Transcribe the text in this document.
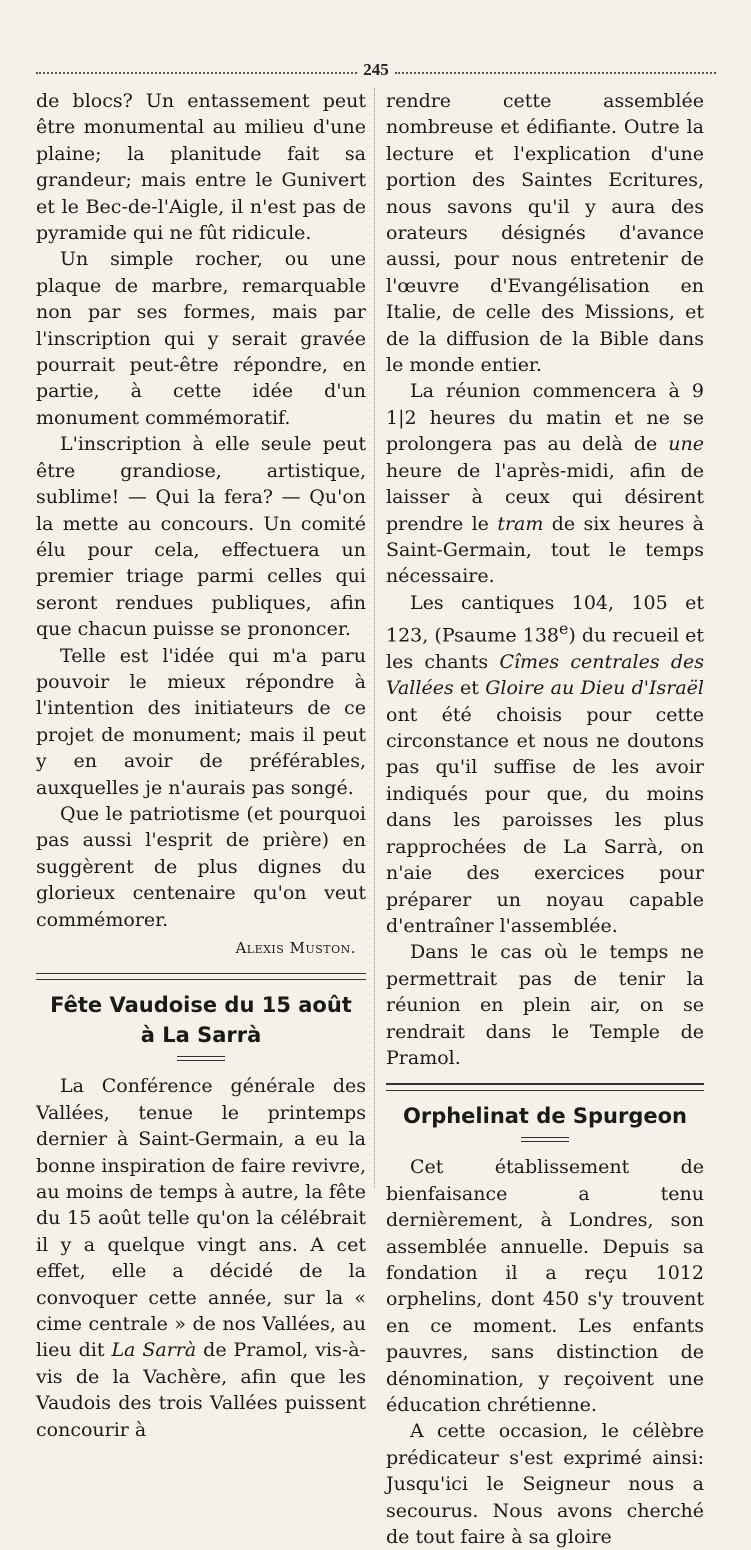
245

de blocs? Un entassement peut être monumental au milieu d'une plaine; la planitude fait sa grandeur; mais entre le Gunivert et le Bec-de-l'Aigle, il n'est pas de pyramide qui ne fût ridicule.

Un simple rocher, ou une plaque de marbre, remarquable non par ses formes, mais par l'inscription qui y serait gravée pourrait peut-être répondre, en partie, à cette idée d'un monument commémoratif.

L'inscription à elle seule peut être grandiose, artistique, sublime! — Qui la fera? — Qu'on la mette au concours. Un comité élu pour cela, effectuera un premier triage parmi celles qui seront rendues publiques, afin que chacun puisse se prononcer.

Telle est l'idée qui m'a paru pouvoir le mieux répondre à l'intention des initiateurs de ce projet de monument; mais il peut y en avoir de préférables, auxquelles je n'aurais pas songé.

Que le patriotisme (et pourquoi pas aussi l'esprit de prière) en suggèrent de plus dignes du glorieux centenaire qu'on veut commémorer.

Alexis Muston.
Fête Vaudoise du 15 août
à La Sarrà

La Conférence générale des Vallées, tenue le printemps dernier à Saint-Germain, a eu la bonne inspiration de faire revivre, au moins de temps à autre, la fête du 15 août telle qu'on la célébrait il y a quelque vingt ans. A cet effet, elle a décidé de la convoquer cette année, sur la « cime centrale » de nos Vallées, au lieu dit La Sarrà de Pramol, vis-à-vis de la Vachère, afin que les Vaudois des trois Vallées puissent concourir à

rendre cette assemblée nombreuse et édifiante. Outre la lecture et l'explication d'une portion des Saintes Ecritures, nous savons qu'il y aura des orateurs désignés d'avance aussi, pour nous entretenir de l'œuvre d'Evangélisation en Italie, de celle des Missions, et de la diffusion de la Bible dans le monde entier.

La réunion commencera à 9 1|2 heures du matin et ne se prolongera pas au delà de une heure de l'après-midi, afin de laisser à ceux qui désirent prendre le tram de six heures à Saint-Germain, tout le temps nécessaire.

Les cantiques 104, 105 et 123, (Psaume 138e) du recueil et les chants Cîmes centrales des Vallées et Gloire au Dieu d'Israël ont été choisis pour cette circonstance et nous ne doutons pas qu'il suffise de les avoir indiqués pour que, du moins dans les paroisses les plus rapprochées de La Sarrà, on n'aie des exercices pour préparer un noyau capable d'entraîner l'assemblée.

Dans le cas où le temps ne permettrait pas de tenir la réunion en plein air, on se rendrait dans le Temple de Pramol.

Orphelinat de Spurgeon

Cet établissement de bienfaisance a tenu dernièrement, à Londres, son assemblée annuelle. Depuis sa fondation il a reçu 1012 orphelins, dont 450 s'y trouvent en ce moment. Les enfants pauvres, sans distinction de dénomination, y reçoivent une éducation chrétienne.

A cette occasion, le célèbre prédicateur s'est exprimé ainsi: Jusqu'ici le Seigneur nous a secourus. Nous avons cherché de tout faire à sa gloire
